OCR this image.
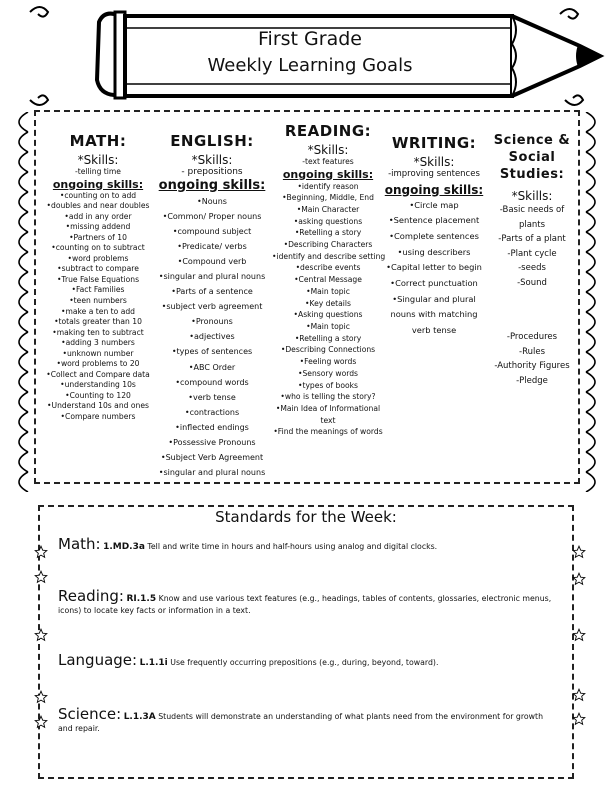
First Grade
Weekly Learning Goals
MATH:
*Skills:
-telling time
ongoing skills:
•counting on to add
•doubles and near doubles
•add in any order
•missing addend
•Partners of 10
•counting on to subtract
•word problems
•subtract to compare
•True False Equations
•Fact Families
•teen numbers
•make a ten to add
•totals greater than 10
•making ten to subtract
•adding 3 numbers
•unknown number
•word problems to 20
•Collect and Compare data
•understanding 10s
•Counting to 120
•Understand 10s and ones
•Compare numbers
ENGLISH:
*Skills:
- prepositions
ongoing skills:
•Nouns
•Common/ Proper nouns
•compound subject
•Predicate/ verbs
•Compound verb
•singular and plural nouns
•Parts of a sentence
•subject verb agreement
•Pronouns
•adjectives
•types of sentences
•ABC Order
•compound words
•verb tense
•contractions
•inflected endings
•Possessive Pronouns
•Subject Verb Agreement
•singular and plural nouns
READING:
*Skills:
-text features
ongoing skills:
•identify reason
•Beginning, Middle, End
•Main Character
•asking questions
•Retelling a story
•Describing Characters
•identify and describe setting
•describe events
•Central Message
•Main topic
•Key details
•Asking questions
•Main topic
•Retelling a story
•Describing Connections
•Feeling words
•Sensory words
•types of books
•who is telling the story?
•Main Idea of Informational
text
•Find the meanings of words
WRITING:
*Skills:
-improving sentences
ongoing skills:
•Circle map
•Sentence placement
•Complete sentences
•using describers
•Capital letter to begin
•Correct punctuation
•Singular and plural
nouns with matching
verb tense
Science & Social Studies:
*Skills:
-Basic needs of
plants
-Parts of a plant
-Plant cycle
-seeds
-Sound
-Procedures
-Rules
-Authority Figures
-Pledge
Standards for the Week:
Math: 1.MD.3a Tell and write time in hours and half-hours using analog and digital clocks.
Reading: RI.1.5 Know and use various text features (e.g., headings, tables of contents, glossaries, electronic menus, icons) to locate key facts or information in a text.
Language: L.1.1i Use frequently occurring prepositions (e.g., during, beyond, toward).
Science: L.1.3A Students will demonstrate an understanding of what plants need from the environment for growth and repair.
